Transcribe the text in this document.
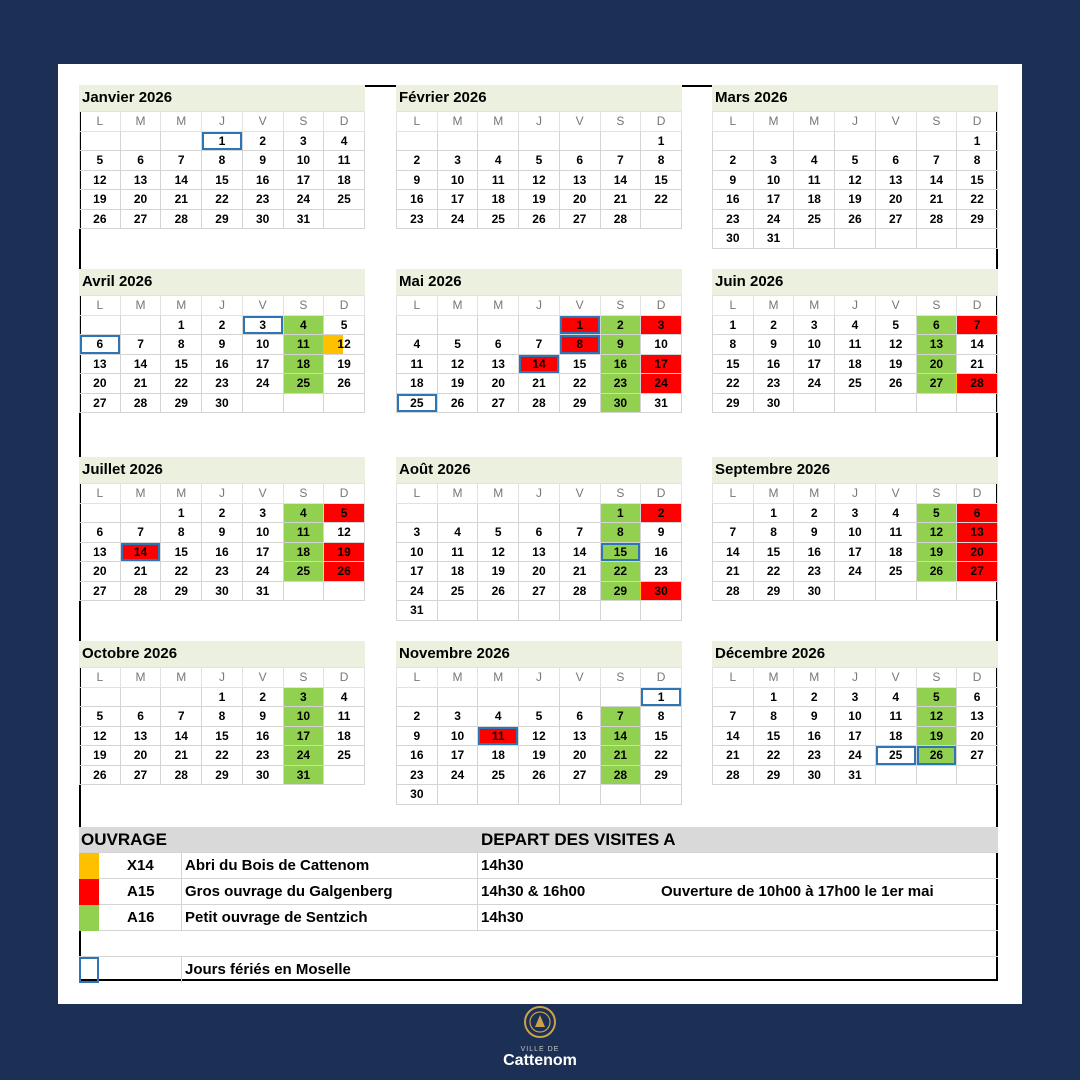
Janvier 2026
L	M	M	J	V	S	D
			1	2	3	4
5	6	7	8	9	10	11
12	13	14	15	16	17	18
19	20	21	22	23	24	25
26	27	28	29	30	31	
Février 2026
L	M	M	J	V	S	D
						1
2	3	4	5	6	7	8
9	10	11	12	13	14	15
16	17	18	19	20	21	22
23	24	25	26	27	28	
Mars 2026
L	M	M	J	V	S	D
						1
2	3	4	5	6	7	8
9	10	11	12	13	14	15
16	17	18	19	20	21	22
23	24	25	26	27	28	29
30	31					
Avril 2026
L	M	M	J	V	S	D
		1	2	3	4	5
6	7	8	9	10	11	12
13	14	15	16	17	18	19
20	21	22	23	24	25	26
27	28	29	30			
Mai 2026
L	M	M	J	V	S	D
				1	2	3
4	5	6	7	8	9	10
11	12	13	14	15	16	17
18	19	20	21	22	23	24
25	26	27	28	29	30	31
Juin 2026
L	M	M	J	V	S	D
1	2	3	4	5	6	7
8	9	10	11	12	13	14
15	16	17	18	19	20	21
22	23	24	25	26	27	28
29	30					
Juillet 2026
L	M	M	J	V	S	D
		1	2	3	4	5
6	7	8	9	10	11	12
13	14	15	16	17	18	19
20	21	22	23	24	25	26
27	28	29	30	31		
Août 2026
L	M	M	J	V	S	D
					1	2
3	4	5	6	7	8	9
10	11	12	13	14	15	16
17	18	19	20	21	22	23
24	25	26	27	28	29	30
31						
Septembre 2026
L	M	M	J	V	S	D
	1	2	3	4	5	6
7	8	9	10	11	12	13
14	15	16	17	18	19	20
21	22	23	24	25	26	27
28	29	30				
Octobre 2026
L	M	M	J	V	S	D
			1	2	3	4
5	6	7	8	9	10	11
12	13	14	15	16	17	18
19	20	21	22	23	24	25
26	27	28	29	30	31	
Novembre 2026
L	M	M	J	V	S	D
						1
2	3	4	5	6	7	8
9	10	11	12	13	14	15
16	17	18	19	20	21	22
23	24	25	26	27	28	29
30						
Décembre 2026
L	M	M	J	V	S	D
	1	2	3	4	5	6
7	8	9	10	11	12	13
14	15	16	17	18	19	20
21	22	23	24	25	26	27
28	29	30	31			
OUVRAGE	DEPART DES VISITES A
X14 Abri du Bois de Cattenom	14h30
A15 Gros ouvrage du Galgenberg	14h30 & 16h00	Ouverture de 10h00 à 17h00 le 1er mai
A16 Petit ouvrage de Sentzich	14h30
Jours fériés en Moselle
VILLE DE
Cattenom
